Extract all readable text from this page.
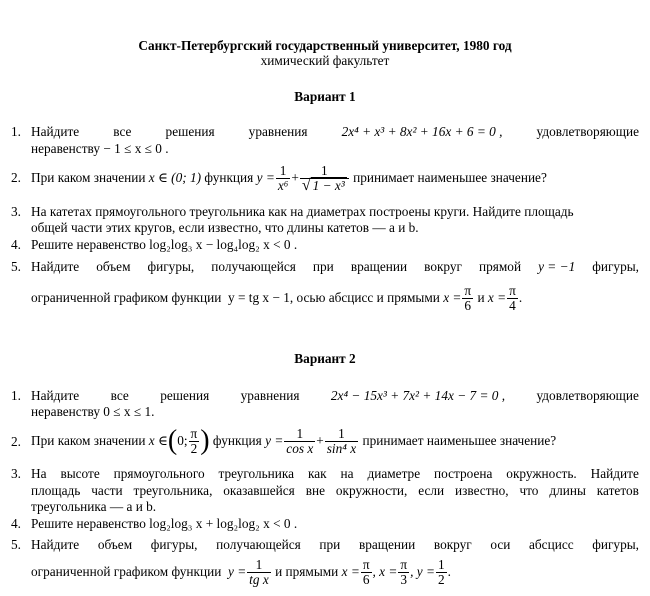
Санкт-Петербургский государственный университет, 1980 год
химический факультет
Вариант 1
1. Найдите	все	решения	уравнения	2x⁴ + x³ + 8x² + 16x + 6 = 0 ,	удовлетворяющие
неравенству − 1 ≤ x ≤ 0 .
2. При каком значении
x ∈ (0; 1)
функция
$y = \frac{1}{\text{x⁶}} + \frac{1}{\text{√ 1 − x³}}$
принимает наименьшее значение?
3. На катетах прямоугольного треугольника как на диаметрах построены круги. Найдите площадь
общей части этих кругов, если известно, что длины катетов — a и b.
4. Решите неравенство log₂log₃ x − log₄log₂ x < 0 .
5. Найдите объем фигуры, получающейся при вращении вокруг прямой y = −1 фигуры,
ограниченной графиком функции
y = tg x − 1, осью абсцисс и прямыми
$x = \frac{\pi}{6}$
и
$x = \frac{\pi}{4}$ .
Вариант 2
1. Найдите все решения уравнения 2x⁴ − 15x³ + 7x² + 14x − 7 = 0 , удовлетворяющие
неравенству 0 ≤ x ≤ 1.
2. При каком значении
x ∈ ( 0; π
2 )
функция
$y = \frac{1}{\text{cos x}} + \frac{1}{\text{sin⁴ x}}$
принимает наименьшее значение?
3. На высоте прямоугольного треугольника как на диаметре построена окружность. Найдите
площадь части треугольника, оказавшейся вне окружности, если известно, что длины катетов
треугольника — a и b.
4. Решите неравенство log₂log₃ x + log₂log₂ x < 0 .
5. Найдите объем фигуры, получающейся при вращении вокруг оси абсцисс фигуры,
ограниченной графиком функции
$y = \frac{1}{\text{tg x}}$
и прямыми
$x = \frac{\pi}{6}$ , $x = \frac{\pi}{3}$ , $y = \frac{1}{2}$ .
